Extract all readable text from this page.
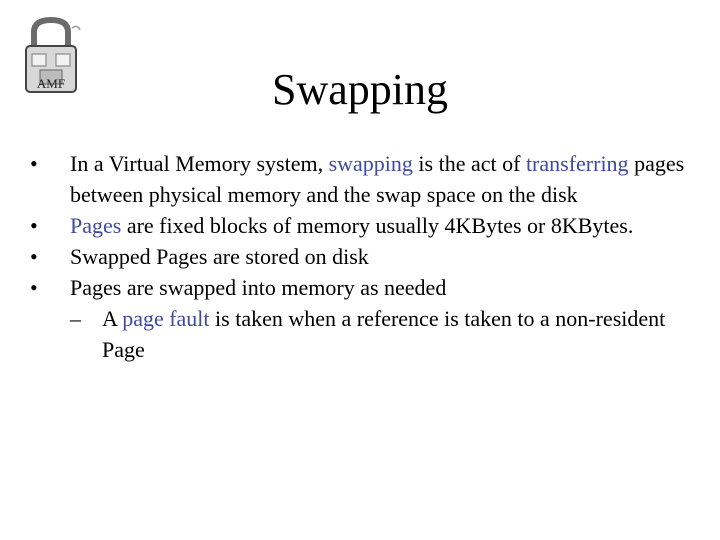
AMF	Swapping
•	In a Virtual Memory system, swapping is the act of transferring pages between physical memory and the swap space on the disk
•	Pages are fixed blocks of memory usually 4KBytes or 8KBytes.
•	Swapped Pages are stored on disk
•	Pages are swapped into memory as needed
– A page fault is taken when a reference is taken to a non-resident Page
